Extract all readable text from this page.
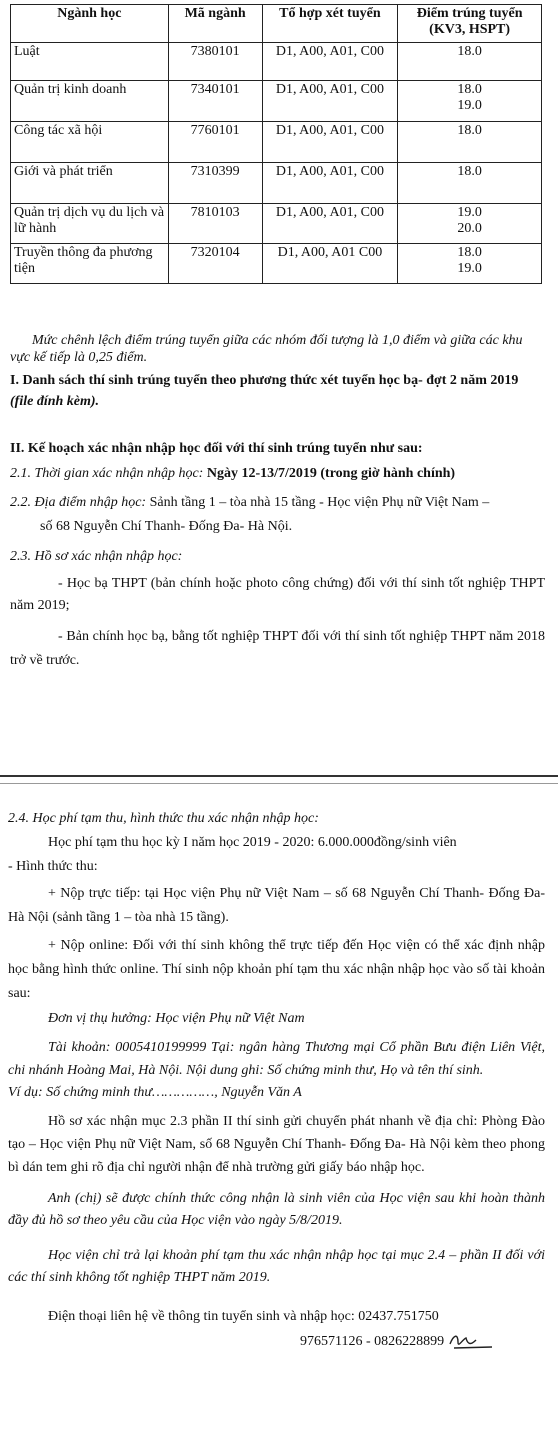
Ngành học	Mã ngành	Tổ hợp xét tuyển	Điểm trúng tuyển (KV3, HSPT)
Luật	7380101	D1, A00, A01, C00	18.0
Quản trị kinh doanh	7340101	D1, A00, A01, C00	18.0 19.0
Công tác xã hội	7760101	D1, A00, A01, C00	18.0
Giới và phát triển	7310399	D1, A00, A01, C00	18.0
Quản trị dịch vụ du lịch và lữ hành	7810103	D1, A00, A01, C00	19.0 20.0
Truyền thông đa phương tiện	7320104	D1, A00, A01 C00	18.0 19.0
Mức chênh lệch điểm trúng tuyển giữa các nhóm đối tượng là 1,0 điểm và giữa các khu vực kế tiếp là 0,25 điểm.
I. Danh sách thí sinh trúng tuyển theo phương thức xét tuyển học bạ- đợt 2 năm 2019 (file đính kèm).
II. Kế hoạch xác nhận nhập học đối với thí sinh trúng tuyển như sau:
2.1. Thời gian xác nhận nhập học: Ngày 12-13/7/2019 (trong giờ hành chính)
2.2. Địa điểm nhập học: Sảnh tầng 1 – tòa nhà 15 tầng - Học viện Phụ nữ Việt Nam –
số 68 Nguyễn Chí Thanh- Đống Đa- Hà Nội.
2.3. Hồ sơ xác nhận nhập học:
- Học bạ THPT (bản chính hoặc photo công chứng) đối với thí sinh tốt nghiệp THPT năm 2019;
- Bản chính học bạ, bằng tốt nghiệp THPT đối với thí sinh tốt nghiệp THPT năm 2018 trở về trước.
2.4. Học phí tạm thu, hình thức thu xác nhận nhập học:
Học phí tạm thu học kỳ I năm học 2019 - 2020: 6.000.000đồng/sinh viên
- Hình thức thu:
+ Nộp trực tiếp: tại Học viện Phụ nữ Việt Nam – số 68 Nguyễn Chí Thanh- Đống Đa- Hà Nội (sảnh tầng 1 – tòa nhà 15 tầng).
+ Nộp online: Đối với thí sinh không thể trực tiếp đến Học viện có thể xác định nhập học bằng hình thức online. Thí sinh nộp khoản phí tạm thu xác nhận nhập học vào số tài khoản sau:
Đơn vị thụ hưởng: Học viện Phụ nữ Việt Nam
Tài khoản: 0005410199999 Tại: ngân hàng Thương mại Cổ phần Bưu điện Liên Việt, chi nhánh Hoàng Mai, Hà Nội. Nội dung ghi: Số chứng minh thư, Họ và tên thí sinh.
Ví dụ: Số chứng minh thư……………, Nguyễn Văn A
Hồ sơ xác nhận mục 2.3 phần II thí sinh gửi chuyển phát nhanh về địa chỉ: Phòng Đào tạo – Học viện Phụ nữ Việt Nam, số 68 Nguyễn Chí Thanh- Đống Đa- Hà Nội kèm theo phong bì dán tem ghi rõ địa chỉ người nhận để nhà trường gửi giấy báo nhập học.
Anh (chị) sẽ được chính thức công nhận là sinh viên của Học viện sau khi hoàn thành đầy đủ hồ sơ theo yêu cầu của Học viện vào ngày 5/8/2019.
Học viện chỉ trả lại khoản phí tạm thu xác nhận nhập học tại mục 2.4 – phần II đối với các thí sinh không tốt nghiệp THPT năm 2019.
Điện thoại liên hệ về thông tin tuyển sinh và nhập học: 02437.751750
976571126 - 0826228899
